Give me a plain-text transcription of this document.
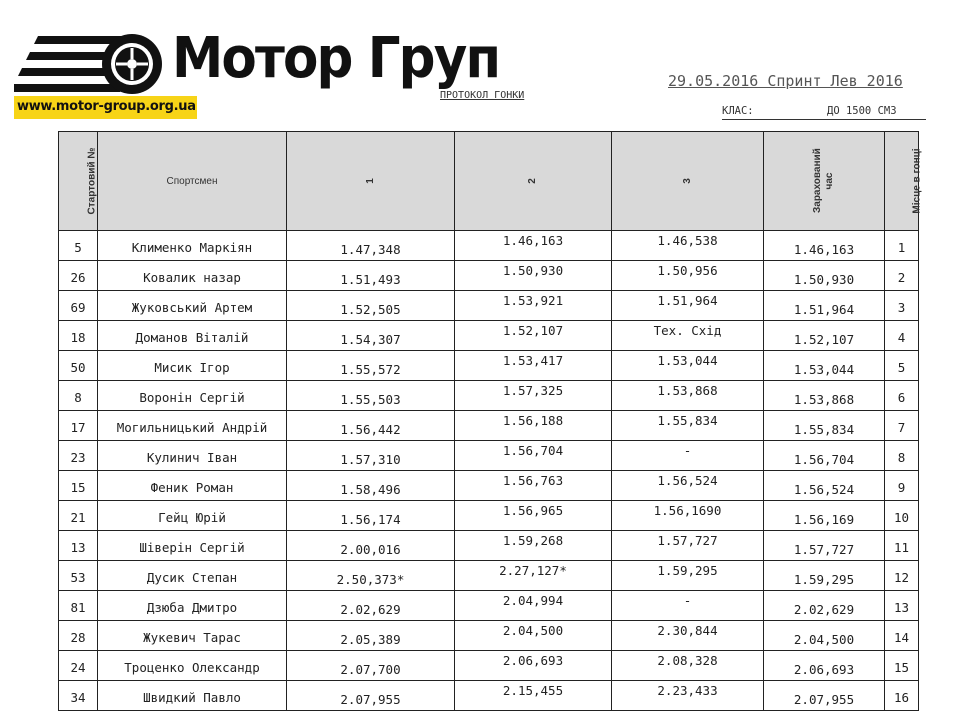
Мотор Груп
www.motor-group.org.ua
ПРОТОКОЛ ГОНКИ
29.05.2016 Спринт Лев 2016
КЛАС:	ДО 1500 СМЗ
Стартовий №	Спортсмен	1	2	3	Зарахований час	Місце в гонці

5	Клименко Маркіян	1.47,348	1.46,163	1.46,538	1.46,163	1

26	Ковалик назар	1.51,493	1.50,930	1.50,956	1.50,930	2

69	Жуковський Артем	1.52,505	1.53,921	1.51,964	1.51,964	3

18	Доманов Віталій	1.54,307	1.52,107	Тех. Схід	1.52,107	4

50	Мисик Ігор	1.55,572	1.53,417	1.53,044	1.53,044	5

8	Воронін Сергій	1.55,503	1.57,325	1.53,868	1.53,868	6

17	Могильницький Андрій	1.56,442	1.56,188	1.55,834	1.55,834	7

23	Кулинич Іван	1.57,310	1.56,704	-	1.56,704	8

15	Феник Роман	1.58,496	1.56,763	1.56,524	1.56,524	9

21	Гейц Юрій	1.56,174	1.56,965	1.56,1690	1.56,169	10

13	Шіверін Сергій	2.00,016	1.59,268	1.57,727	1.57,727	11

53	Дусик Степан	2.50,373*	2.27,127*	1.59,295	1.59,295	12

81	Дзюба Дмитро	2.02,629	2.04,994	-	2.02,629	13

28	Жукевич Тарас	2.05,389	2.04,500	2.30,844	2.04,500	14

24	Троценко Олександр	2.07,700	2.06,693	2.08,328	2.06,693	15

34	Швидкий Павло	2.07,955	2.15,455	2.23,433	2.07,955	16
